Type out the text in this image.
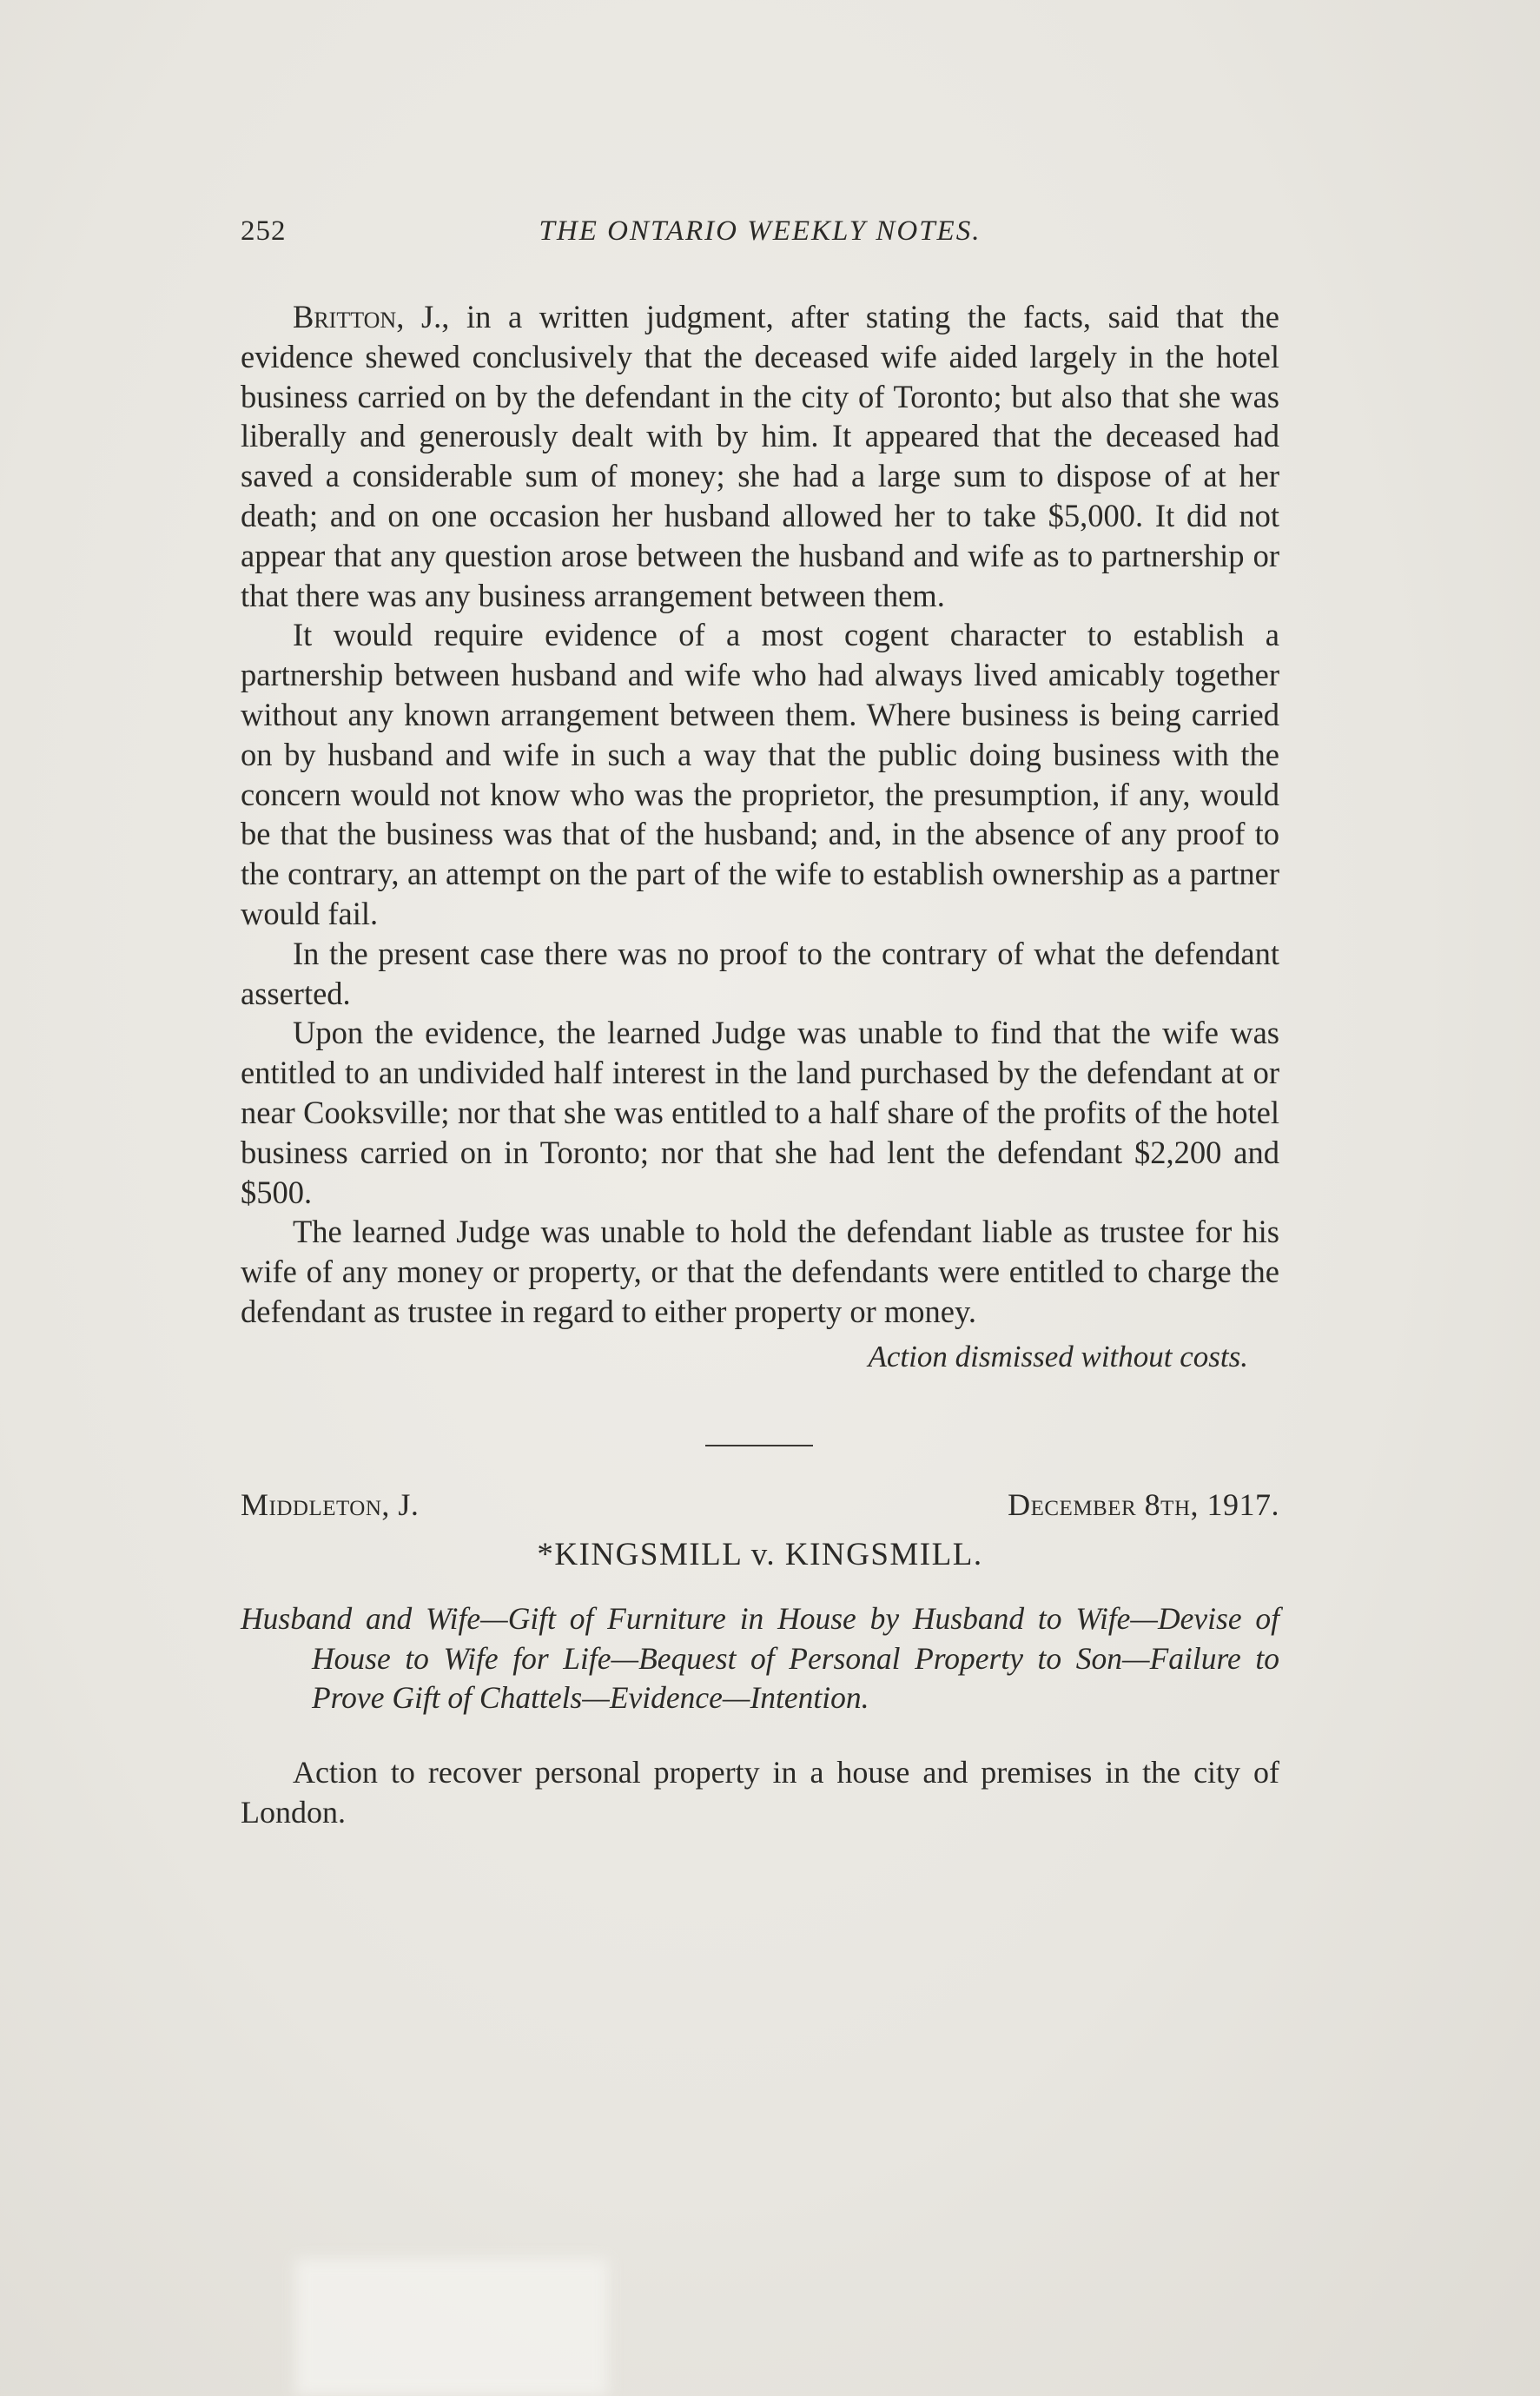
252	THE ONTARIO WEEKLY NOTES.

Britton, J., in a written judgment, after stating the facts, said that the evidence shewed conclusively that the deceased wife aided largely in the hotel business carried on by the defendant in the city of Toronto; but also that she was liberally and generously dealt with by him. It appeared that the deceased had saved a considerable sum of money; she had a large sum to dispose of at her death; and on one occasion her husband allowed her to take $5,000. It did not appear that any question arose between the husband and wife as to partnership or that there was any business arrangement between them.

It would require evidence of a most cogent character to establish a partnership between husband and wife who had always lived amicably together without any known arrangement between them. Where business is being carried on by husband and wife in such a way that the public doing business with the concern would not know who was the proprietor, the presumption, if any, would be that the business was that of the husband; and, in the absence of any proof to the contrary, an attempt on the part of the wife to establish ownership as a partner would fail.

In the present case there was no proof to the contrary of what the defendant asserted.

Upon the evidence, the learned Judge was unable to find that the wife was entitled to an undivided half interest in the land purchased by the defendant at or near Cooksville; nor that she was entitled to a half share of the profits of the hotel business carried on in Toronto; nor that she had lent the defendant $2,200 and $500.

The learned Judge was unable to hold the defendant liable as trustee for his wife of any money or property, or that the defendants were entitled to charge the defendant as trustee in regard to either property or money.

Action dismissed without costs.
Middleton, J.	December 8th, 1917.
*KINGSMILL v. KINGSMILL.

Husband and Wife—Gift of Furniture in House by Husband to Wife—Devise of House to Wife for Life—Bequest of Personal Property to Son—Failure to Prove Gift of Chattels—Evidence—Intention.

Action to recover personal property in a house and premises in the city of London.
